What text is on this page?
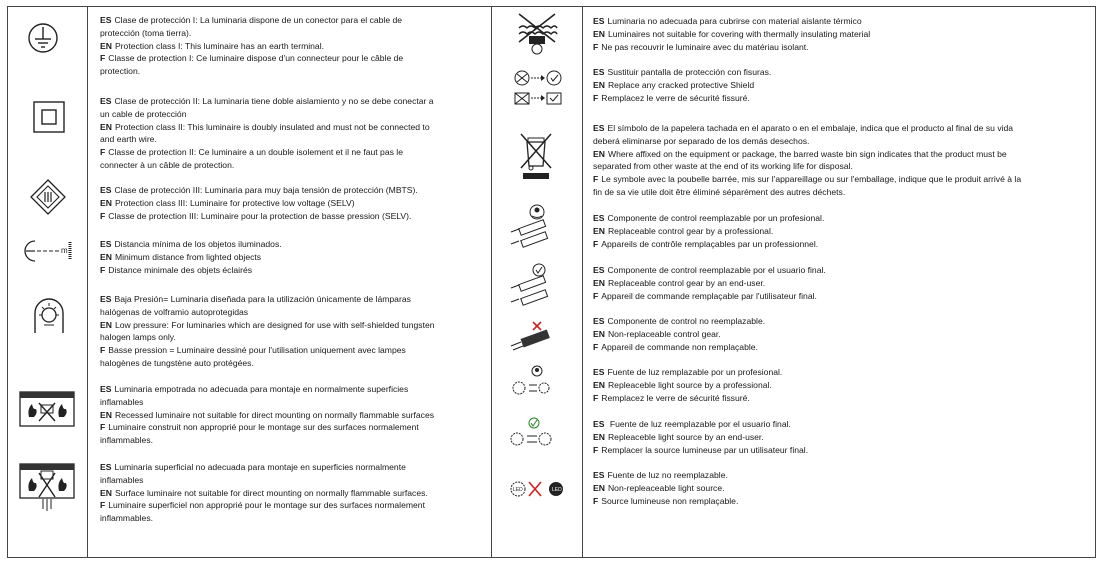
m
LED	LED
ES Clase de protección I: La luminaria dispone de un conector para el cable de
protección (toma tierra).
EN Protection class I: This luminaire has an earth terminal.
F Classe de protection I: Ce luminaire dispose d'un connecteur pour le câble de
protection.
ES Clase de protección II: La luminaria tiene doble aislamiento y no se debe conectar a
un cable de protección
EN Protection class II: This luminaire is doubly insulated and must not be connected to
and earth wire.
F Classe de protection II: Ce luminaire a un double isolement et il ne faut pas le
connecter à un câble de protection.
ES Clase de protección III: Luminaria para muy baja tensión de protección (MBTS).
EN Protection class III: Luminaire for protective low voltage (SELV)
F Classe de protection III: Luminaire pour la protection de basse pression (SELV).
ES Distancia mínima de los objetos iluminados.
EN Minimum distance from lighted objects
F Distance minimale des objets éclairés
ES Baja Presión= Luminaria diseñada para la utilización únicamente de lámparas
halógenas de volframio autoprotegidas
EN Low pressure: For luminaries which are designed for use with self-shielded tungsten
halogen lamps only.
F Basse pression = Luminaire dessiné pour l'utilisation uniquement avec lampes
halogènes de tungstène auto protégées.
ES Luminaria empotrada no adecuada para montaje en normalmente superficies
inflamables
EN Recessed luminaire not suitable for direct mounting on normally flammable surfaces
F Luminaire construit non approprié pour le montage sur des surfaces normalement
inflammables.
ES Luminaria superficial no adecuada para montaje en superficies normalmente
inflamables
EN Surface luminaire not suitable for direct mounting on normally flammable surfaces.
F Luminaire superficiel non approprié pour le montage sur des surfaces normalement
inflammables.
ES Luminaria no adecuada para cubrirse con material aislante térmico
EN Luminaires not suitable for covering with thermally insulating material
F Ne pas recouvrir le luminaire avec du matériau isolant.
ES Sustituir pantalla de protección con fisuras.
EN Replace any cracked protective Shield
F Remplacez le verre de sécurité fissuré.
ES El símbolo de la papelera tachada en el aparato o en el embalaje, indica que el producto al final de su vida
deberá eliminarse por separado de los demás desechos.
EN Where affixed on the equipment or package, the barred waste bin sign indicates that the product must be
separated from other waste at the end of its working life for disposal.
F Le symbole avec la poubelle barrée, mis sur l'appareillage ou sur l'emballage, indique que le produit arrivé à la
fin de sa vie utile doit être éliminé séparément des autres déchets.
ES Componente de control reemplazable por un profesional.
EN Replaceable control gear by a professional.
F Appareils de contrôle remplaçables par un professionnel.
ES Componente de control reemplazable por el usuario final.
EN Replaceable control gear by an end-user.
F Appareil de commande remplaçable par l'utilisateur final.
ES Componente de control no reemplazable.
EN Non-replaceable control gear.
F Appareil de commande non remplaçable.
ES Fuente de luz remplazable por un profesional.
EN Repleaceble light source by a professional.
F Remplacez le verre de sécurité fissuré.
ES Fuente de luz reemplazable por el usuario final.
EN Repleaceble light source by an end-user.
F Remplacer la source lumineuse par un utilisateur final.
ES Fuente de luz no reemplazable.
EN Non-repleaceable light source.
F Source lumineuse non remplaçable.
